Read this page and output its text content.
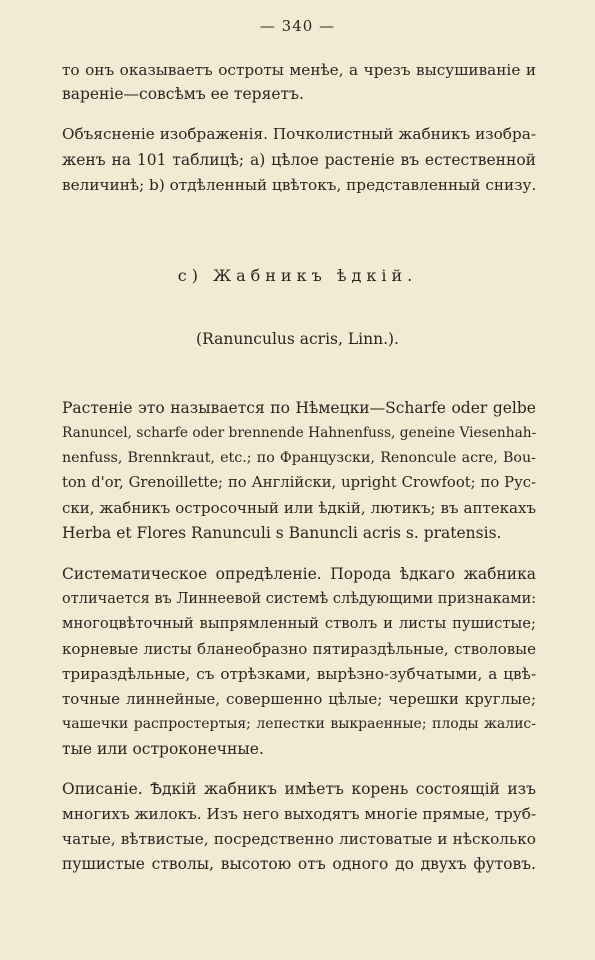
— 340 —
то онъ оказываетъ остроты менѣе, а чрезъ высушиваніе и
вареніе—совсѣмъ ее теряетъ.
Объясненіе изображенія. Почколистный жабникъ изобра-
женъ на 101 таблицѣ; а) цѣлое растеніе въ естественной
величинѣ; b) отдѣленный цвѣтокъ, представленный снизу.
c) Жабникъ ѣдкій.
(Ranunculus acris, Linn.).
Растеніе это называется по Нѣмецки—Scharfe oder gelbe
Ranuncel, scharfe oder brennende Hahnenfuss, geneine Viesenhah-
nenfuss, Brennkraut, etc.; по Французски, Renoncule acre, Bou-
ton d'or, Grenoillette; по Англійски, upright Crowfoot; по Рус-
ски, жабникъ остросочный или ѣдкій, лютикъ; въ аптекахъ
Herba et Flores Ranunculi s Banuncli acris s. pratensis.
Систематическое опредѣленіе. Порода ѣдкаго жабника
отличается въ Линнеевой системѣ слѣдующими признаками:
многоцвѣточный выпрямленный стволъ и листы пушистые;
корневые листы бланеобразно пятираздѣльные, стволовые
трираздѣльные, съ отрѣзками, вырѣзно-зубчатыми, а цвѣ-
точные линнейные, совершенно цѣлые; черешки круглые;
чашечки распростертыя; лепестки выкраенные; плоды жалис-
тые или остроконечные.
Описаніе. Ѣдкій жабникъ имѣетъ корень состоящій изъ
многихъ жилокъ. Изъ него выходятъ многіе прямые, труб-
чатые, вѣтвистые, посредственно листоватые и нѣсколько
пушистые стволы, высотою отъ одного до двухъ футовъ.
